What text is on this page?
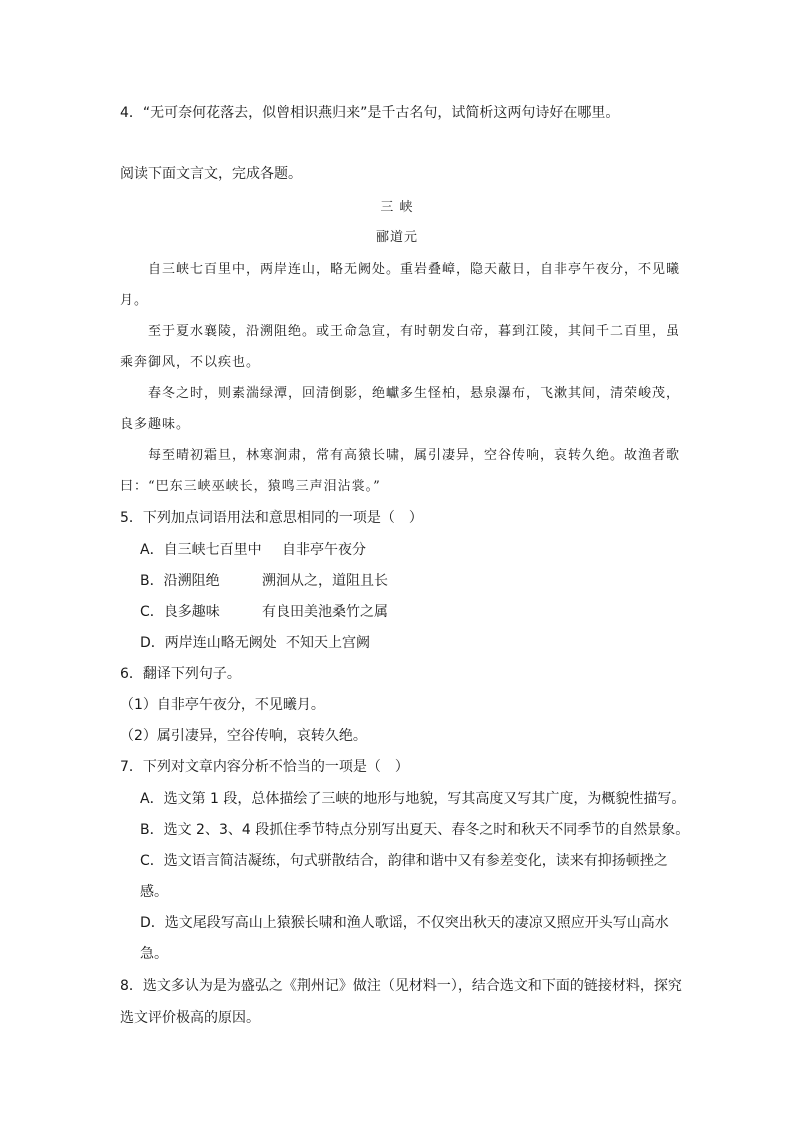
4．“无可奈何花落去，似曾相识燕归来”是千古名句，试简析这两句诗好在哪里。
阅读下面文言文，完成各题。
三 峡
郦道元
自三峡七百里中，两岸连山，略无阙处。重岩叠嶂，隐天蔽日，自非亭午夜分，不见曦
月。
至于夏水襄陵，沿溯阻绝。或王命急宣，有时朝发白帝，暮到江陵，其间千二百里，虽
乘奔御风，不以疾也。
春冬之时，则素湍绿潭，回清倒影，绝巘多生怪柏，悬泉瀑布，飞漱其间，清荣峻茂，
良多趣味。
每至晴初霜旦，林寒涧肃，常有高猿长啸，属引凄异，空谷传响，哀转久绝。故渔者歌
曰：“巴东三峡巫峡长，猿鸣三声泪沾裳。”
5．下列加点词语用法和意思相同的一项是（　）
A．自三峡七百里中 自非亭午夜分
B．沿溯阻绝	溯洄从之，道阻且长
C．良多趣味	有良田美池桑竹之属
D．两岸连山略无阙处 不知天上宫阙
6．翻译下列句子。
（1）自非亭午夜分，不见曦月。
（2）属引凄异，空谷传响，哀转久绝。
7．下列对文章内容分析不恰当的一项是（　）
A．选文第 1 段，总体描绘了三峡的地形与地貌，写其高度又写其广度，为概貌性描写。
B．选文 2、3、4 段抓住季节特点分别写出夏天、春冬之时和秋天不同季节的自然景象。
C．选文语言简洁凝练，句式骈散结合，韵律和谐中又有参差变化，读来有抑扬顿挫之
感。
D．选文尾段写高山上猿猴长啸和渔人歌谣，不仅突出秋天的凄凉又照应开头写山高水
急。
8．选文多认为是为盛弘之《荆州记》做注（见材料一），结合选文和下面的链接材料，探究
选文评价极高的原因。
